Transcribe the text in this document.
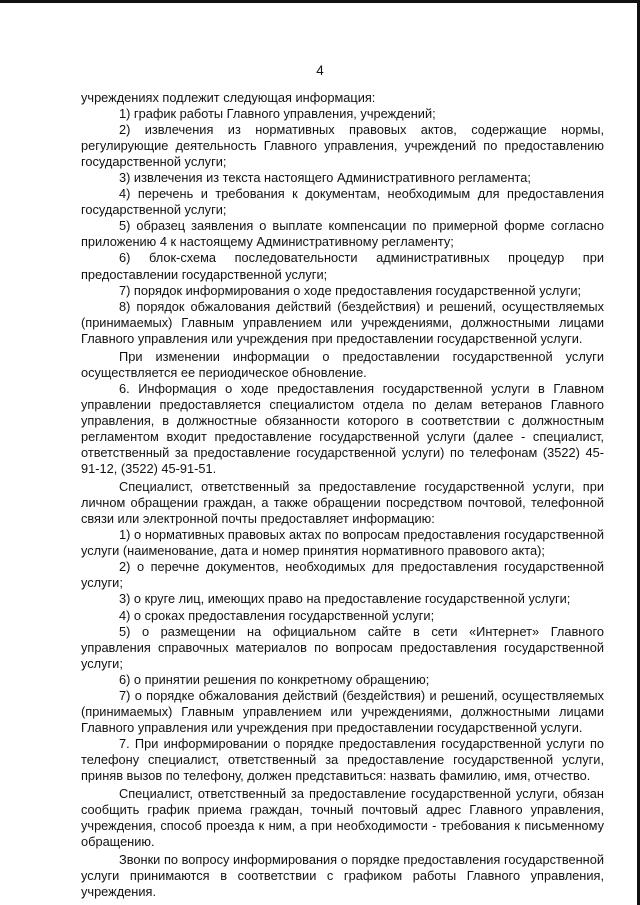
4

учреждениях подлежит следующая информация:

1) график работы Главного управления, учреждений;

2) извлечения из нормативных правовых актов, содержащие нормы, регулирующие деятельность Главного управления, учреждений по предоставлению государственной услуги;

3) извлечения из текста настоящего Административного регламента;

4) перечень и требования к документам, необходимым для предоставления государственной услуги;

5) образец заявления о выплате компенсации по примерной форме согласно приложению 4 к настоящему Административному регламенту;

6) блок-схема последовательности административных процедур при предоставлении государственной услуги;

7) порядок информирования о ходе предоставления государственной услуги;

8) порядок обжалования действий (бездействия) и решений, осуществляемых (принимаемых) Главным управлением или учреждениями, должностными лицами Главного управления или учреждения при предоставлении государственной услуги.

При изменении информации о предоставлении государственной услуги осуществляется ее периодическое обновление.

6. Информация о ходе предоставления государственной услуги в Главном управлении предоставляется специалистом отдела по делам ветеранов Главного управления, в должностные обязанности которого в соответствии с должностным регламентом входит предоставление государственной услуги (далее - специалист, ответственный за предоставление государственной услуги) по телефонам (3522) 45-91-12, (3522) 45-91-51.

Специалист, ответственный за предоставление государственной услуги, при личном обращении граждан, а также обращении посредством почтовой, телефонной связи или электронной почты предоставляет информацию:

1) о нормативных правовых актах по вопросам предоставления государственной услуги (наименование, дата и номер принятия нормативного правового акта);

2) о перечне документов, необходимых для предоставления государственной услуги;

3) о круге лиц, имеющих право на предоставление государственной услуги;

4) о сроках предоставления государственной услуги;

5) о размещении на официальном сайте в сети «Интернет» Главного управления справочных материалов по вопросам предоставления государственной услуги;

6) о принятии решения по конкретному обращению;

7) о порядке обжалования действий (бездействия) и решений, осуществляемых (принимаемых) Главным управлением или учреждениями, должностными лицами Главного управления или учреждения при предоставлении государственной услуги.

7. При информировании о порядке предоставления государственной услуги по телефону специалист, ответственный за предоставление государственной услуги, приняв вызов по телефону, должен представиться: назвать фамилию, имя, отчество.

Специалист, ответственный за предоставление государственной услуги, обязан сообщить график приема граждан, точный почтовый адрес Главного управления, учреждения, способ проезда к ним, а при необходимости - требования к письменному обращению.

Звонки по вопросу информирования о порядке предоставления государственной услуги принимаются в соответствии с графиком работы Главного управления, учреждения.
